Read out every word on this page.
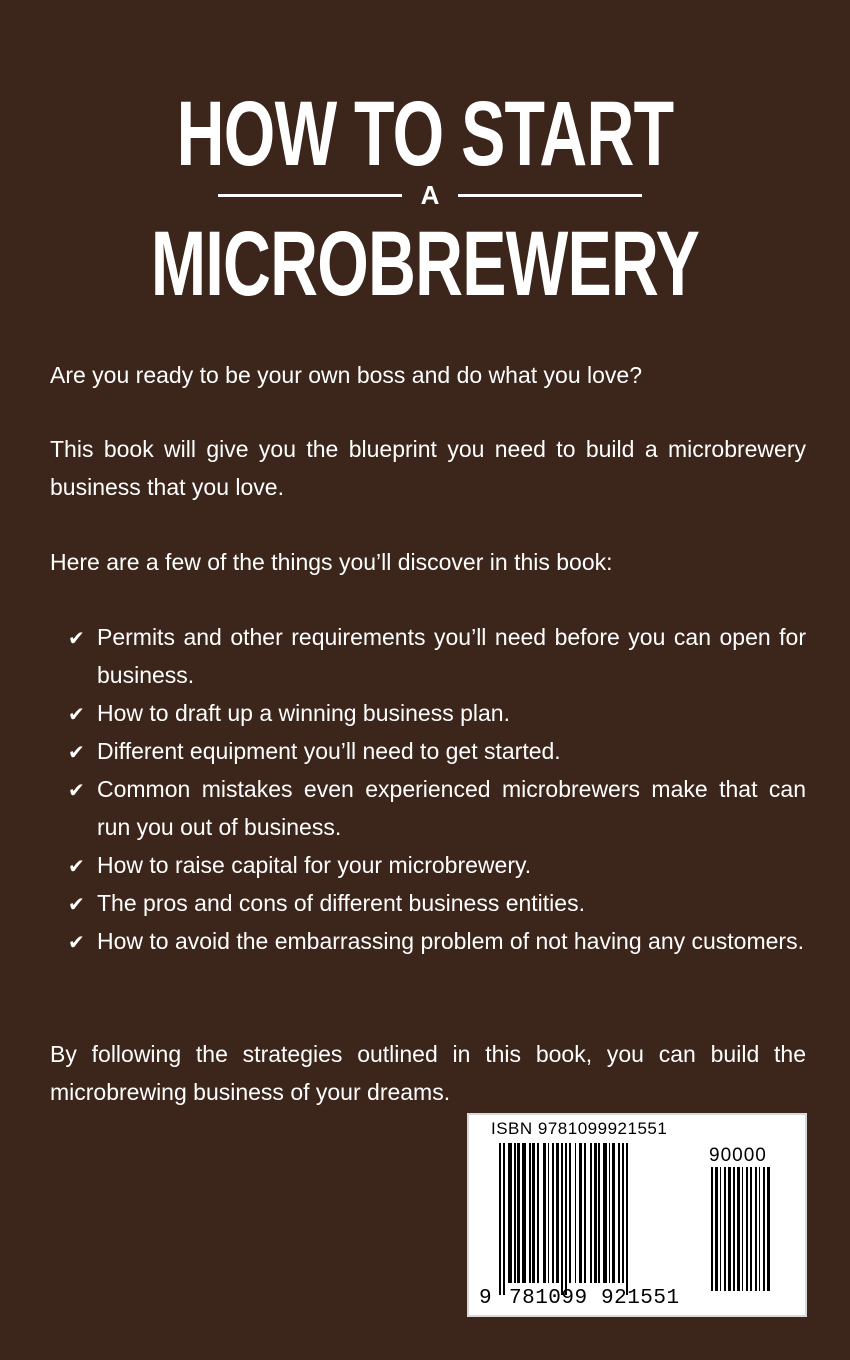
HOW TO START
A
MICROBREWERY

Are you ready to be your own boss and do what you love?

This book will give you the blueprint you need to build a microbrewery business that you love.

Here are a few of the things you’ll discover in this book:

✔ Permits and other requirements you’ll need before you can open for business.
✔ How to draft up a winning business plan.
✔ Different equipment you’ll need to get started.
✔ Common mistakes even experienced microbrewers make that can run you out of business.
✔ How to raise capital for your microbrewery.
✔ The pros and cons of different business entities.
✔ How to avoid the embarrassing problem of not having any customers.

By following the strategies outlined in this book, you can build the microbrewing business of your dreams.

ISBN 9781099921551
90000
9 781099 921551
